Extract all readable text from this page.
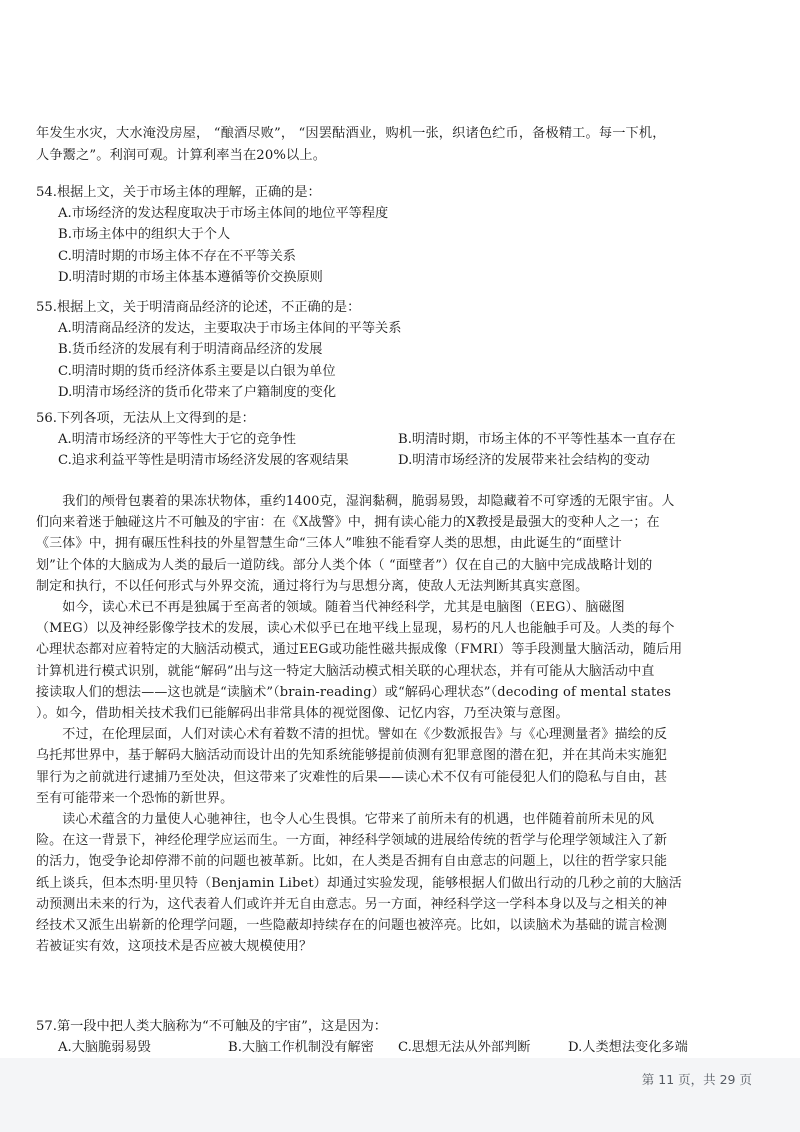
年发生水灾，大水淹没房屋， “酿酒尽败”， “因罢酤酒业，购机一张，织诸色纻币，备极精工。每一下机，
人争鬻之”。利润可观。计算利率当在20%以上。
54.根据上文，关于市场主体的理解，正确的是：
A.市场经济的发达程度取决于市场主体间的地位平等程度
B.市场主体中的组织大于个人
C.明清时期的市场主体不存在不平等关系
D.明清时期的市场主体基本遵循等价交换原则
55.根据上文，关于明清商品经济的论述，不正确的是：
A.明清商品经济的发达，主要取决于市场主体间的平等关系
B.货币经济的发展有利于明清商品经济的发展
C.明清时期的货币经济体系主要是以白银为单位
D.明清市场经济的货币化带来了户籍制度的变化
56.下列各项，无法从上文得到的是：
A.明清市场经济的平等性大于它的竞争性	B.明清时期，市场主体的不平等性基本一直存在
C.追求利益平等性是明清市场经济发展的客观结果	D.明清市场经济的发展带来社会结构的变动
　　我们的颅骨包裹着的果冻状物体，重约1400克，湿润黏稠，脆弱易毁，却隐藏着不可穿透的无限宇宙。人
们向来着迷于触碰这片不可触及的宇宙：在《X战警》中，拥有读心能力的X教授是最强大的变种人之一；在
《三体》中，拥有碾压性科技的外星智慧生命“三体人”唯独不能看穿人类的思想，由此诞生的“面壁计
划”让个体的大脑成为人类的最后一道防线。部分人类个体（ “面壁者”）仅在自己的大脑中完成战略计划的
制定和执行，不以任何形式与外界交流，通过将行为与思想分离，使敌人无法判断其真实意图。
　　如今，读心术已不再是独属于至高者的领域。随着当代神经科学，尤其是电脑图（EEG）、脑磁图
（MEG）以及神经影像学技术的发展，读心术似乎已在地平线上显现，易朽的凡人也能触手可及。人类的每个
心理状态都对应着特定的大脑活动模式，通过EEG或功能性磁共振成像（FMRI）等手段测量大脑活动，随后用
计算机进行模式识别，就能“解码”出与这一特定大脑活动模式相关联的心理状态，并有可能从大脑活动中直
接读取人们的想法——这也就是“读脑术”（brain-reading）或“解码心理状态”（decoding of mental states
）。如今，借助相关技术我们已能解码出非常具体的视觉图像、记忆内容，乃至决策与意图。
　　不过，在伦理层面，人们对读心术有着数不清的担忧。譬如在《少数派报告》与《心理测量者》描绘的反
乌托邦世界中，基于解码大脑活动而设计出的先知系统能够提前侦测有犯罪意图的潜在犯，并在其尚未实施犯
罪行为之前就进行逮捕乃至处决，但这带来了灾难性的后果——读心术不仅有可能侵犯人们的隐私与自由，甚
至有可能带来一个恐怖的新世界。
　　读心术蕴含的力量使人心驰神往，也令人心生畏惧。它带来了前所未有的机遇，也伴随着前所未见的风
险。在这一背景下，神经伦理学应运而生。一方面，神经科学领域的进展给传统的哲学与伦理学领域注入了新
的活力，饱受争论却停滞不前的问题也被革新。比如，在人类是否拥有自由意志的问题上，以往的哲学家只能
纸上谈兵，但本杰明·里贝特（Benjamin Libet）却通过实验发现，能够根据人们做出行动的几秒之前的大脑活
动预测出未来的行为，这代表着人们或许并无自由意志。另一方面，神经科学这一学科本身以及与之相关的神
经技术又派生出崭新的伦理学问题，一些隐蔽却持续存在的问题也被淬亮。比如，以读脑术为基础的谎言检测
若被证实有效，这项技术是否应被大规模使用？
57.第一段中把人类大脑称为“不可触及的宇宙”，这是因为：
A.大脑脆弱易毁	B.大脑工作机制没有解密	C.思想无法从外部判断	D.人类想法变化多端
第 11 页，共 29 页
